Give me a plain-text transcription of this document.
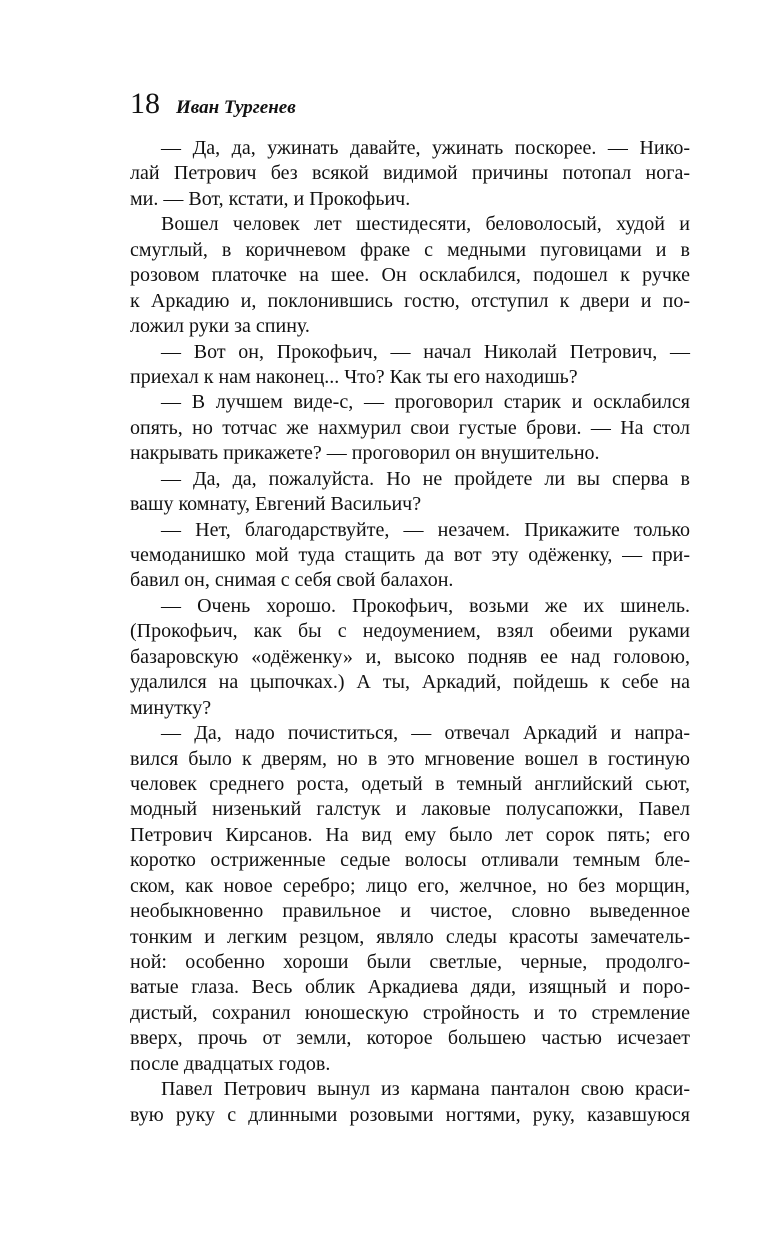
18 Иван Тургенев
— Да, да, ужинать давайте, ужинать поскорее. — Нико-
лай Петрович без всякой видимой причины потопал нога-
ми. — Вот, кстати, и Прокофьич.
Вошел человек лет шестидесяти, беловолосый, худой и
смуглый, в коричневом фраке с медными пуговицами и в
розовом платочке на шее. Он осклабился, подошел к ручке
к Аркадию и, поклонившись гостю, отступил к двери и по-
ложил руки за спину.
— Вот он, Прокофьич, — начал Николай Петрович, —
приехал к нам наконец... Что? Как ты его находишь?
— В лучшем виде-с, — проговорил старик и осклабился
опять, но тотчас же нахмурил свои густые брови. — На стол
накрывать прикажете? — проговорил он внушительно.
— Да, да, пожалуйста. Но не пройдете ли вы сперва в
вашу комнату, Евгений Васильич?
— Нет, благодарствуйте, — незачем. Прикажите только
чемоданишко мой туда стащить да вот эту одёженку, — при-
бавил он, снимая с себя свой балахон.
— Очень хорошо. Прокофьич, возьми же их шинель.
(Прокофьич, как бы с недоумением, взял обеими руками
базаровскую «одёженку» и, высоко подняв ее над головою,
удалился на цыпочках.) А ты, Аркадий, пойдешь к себе на
минутку?
— Да, надо почиститься, — отвечал Аркадий и напра-
вился было к дверям, но в это мгновение вошел в гостиную
человек среднего роста, одетый в темный английский сьют,
модный низенький галстук и лаковые полусапожки, Павел
Петрович Кирсанов. На вид ему было лет сорок пять; его
коротко остриженные седые волосы отливали темным бле-
ском, как новое серебро; лицо его, желчное, но без морщин,
необыкновенно правильное и чистое, словно выведенное
тонким и легким резцом, являло следы красоты замечатель-
ной: особенно хороши были светлые, черные, продолго-
ватые глаза. Весь облик Аркадиева дяди, изящный и поро-
дистый, сохранил юношескую стройность и то стремление
вверх, прочь от земли, которое большею частью исчезает
после двадцатых годов.
Павел Петрович вынул из кармана панталон свою краси-
вую руку с длинными розовыми ногтями, руку, казавшуюся
